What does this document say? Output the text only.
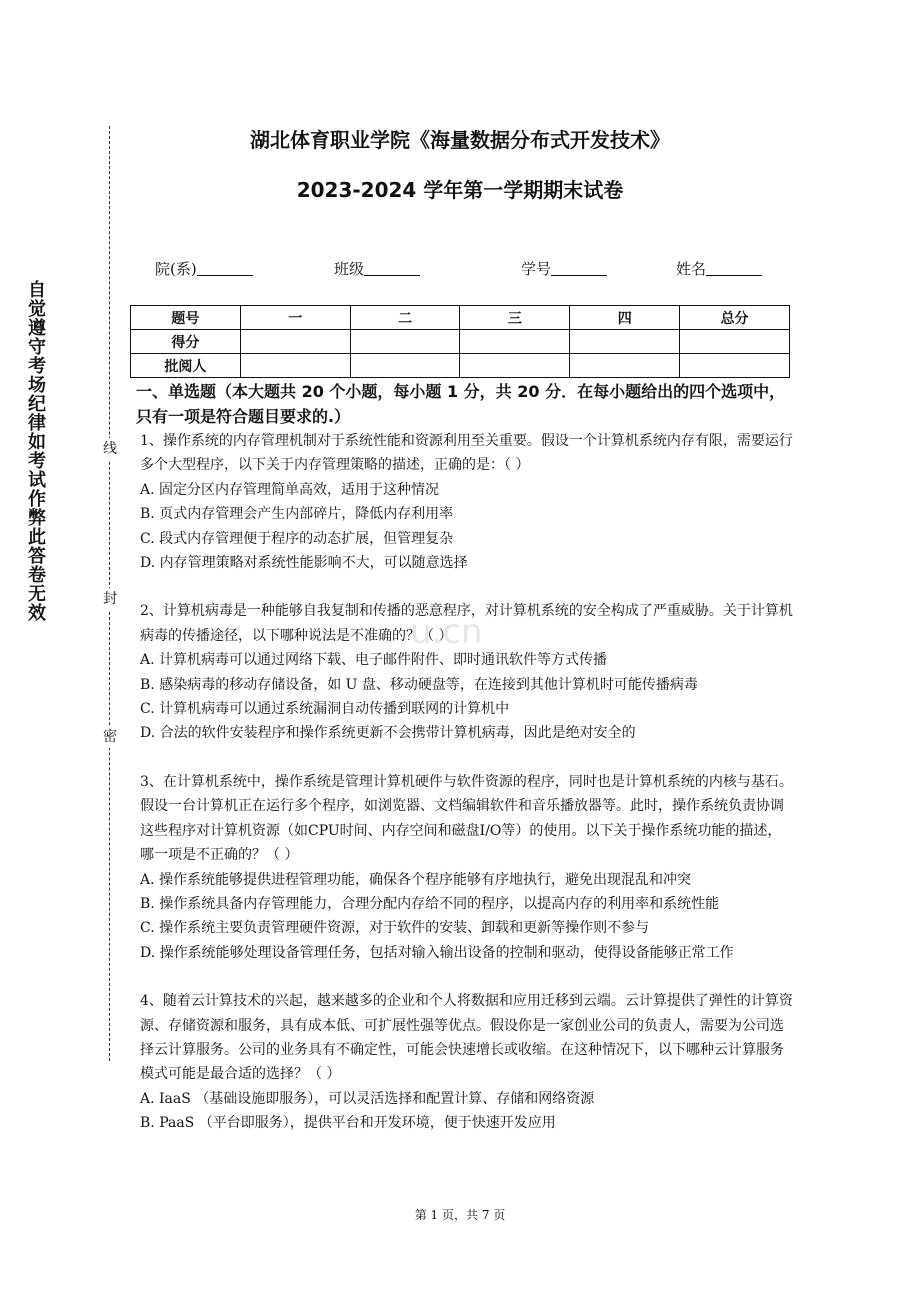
自觉遵守考场纪律如考试作弊此答卷无效	线
封
密
湖北体育职业学院《海量数据分布式开发技术》
2023-2024 学年第一学期期末试卷
院(系)	班级	学号	姓名
题号	一	二	三	四	总分
得分					
批阅人					

一、单选题（本大题共 20 个小题，每小题 1 分，共 20 分．在每小题给出的四个选项中，只有一项是符合题目要求的.）

1、操作系统的内存管理机制对于系统性能和资源利用至关重要。假设一个计算机系统内存有限，需要运行多个大型程序，以下关于内存管理策略的描述，正确的是：（ ）

A. 固定分区内存管理简单高效，适用于这种情况

B. 页式内存管理会产生内部碎片，降低内存利用率

C. 段式内存管理便于程序的动态扩展，但管理复杂

D. 内存管理策略对系统性能影响不大，可以随意选择

2、计算机病毒是一种能够自我复制和传播的恶意程序，对计算机系统的安全构成了严重威胁。关于计算机病毒的传播途径，以下哪种说法是不准确的？（ ）

A. 计算机病毒可以通过网络下载、电子邮件附件、即时通讯软件等方式传播

B. 感染病毒的移动存储设备，如 U 盘、移动硬盘等，在连接到其他计算机时可能传播病毒

C. 计算机病毒可以通过系统漏洞自动传播到联网的计算机中

D. 合法的软件安装程序和操作系统更新不会携带计算机病毒，因此是绝对安全的

3、在计算机系统中，操作系统是管理计算机硬件与软件资源的程序，同时也是计算机系统的内核与基石。假设一台计算机正在运行多个程序，如浏览器、文档编辑软件和音乐播放器等。此时，操作系统负责协调这些程序对计算机资源（如CPU时间、内存空间和磁盘I/O等）的使用。以下关于操作系统功能的描述，哪一项是不正确的？（ ）

A. 操作系统能够提供进程管理功能，确保各个程序能够有序地执行，避免出现混乱和冲突

B. 操作系统具备内存管理能力，合理分配内存给不同的程序，以提高内存的利用率和系统性能

C. 操作系统主要负责管理硬件资源，对于软件的安装、卸载和更新等操作则不参与

D. 操作系统能够处理设备管理任务，包括对输入输出设备的控制和驱动，使得设备能够正常工作

4、随着云计算技术的兴起，越来越多的企业和个人将数据和应用迁移到云端。云计算提供了弹性的计算资源、存储资源和服务，具有成本低、可扩展性强等优点。假设你是一家创业公司的负责人，需要为公司选择云计算服务。公司的业务具有不确定性，可能会快速增长或收缩。在这种情况下，以下哪种云计算服务模式可能是最合适的选择？（ ）

A. IaaS （基础设施即服务），可以灵活选择和配置计算、存储和网络资源

B. PaaS （平台即服务），提供平台和开发环境，便于快速开发应用

u.cn
第 1 页，共 7 页
